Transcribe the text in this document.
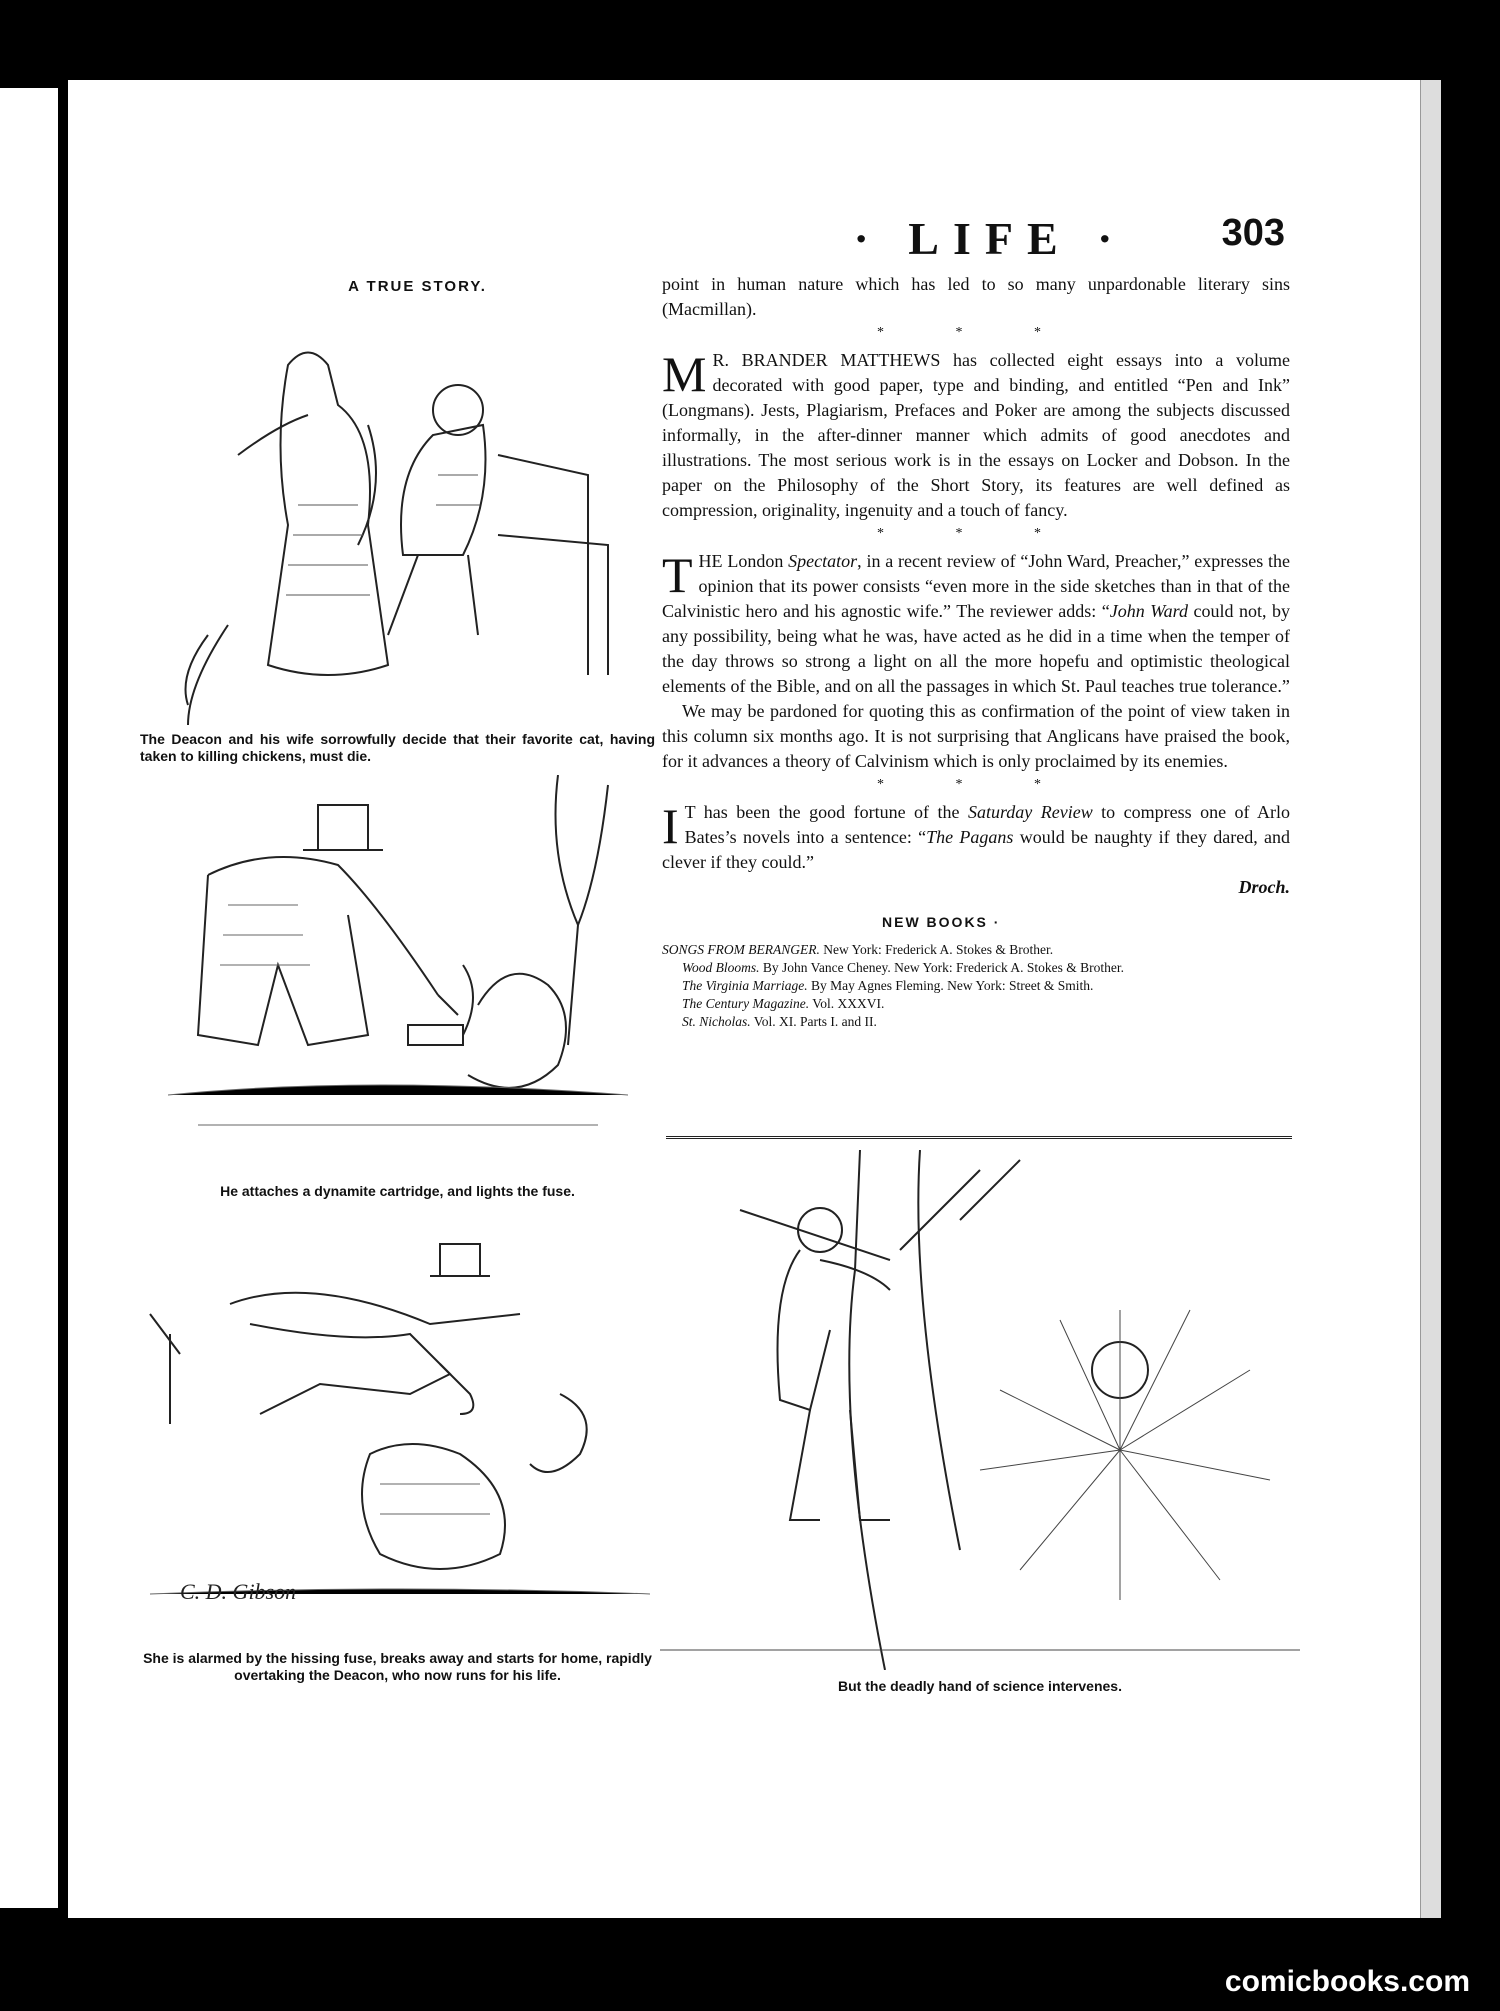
· LIFE ·	303
A TRUE STORY.
The Deacon and his wife sorrowfully decide that their favorite cat, having taken to killing chickens, must die.
He attaches a dynamite cartridge, and lights the fuse.
C. D. Gibson
She is alarmed by the hissing fuse, breaks away and starts for home, rapidly overtaking the Deacon, who now runs for his life.

point in human nature which has led to so many unpardonable literary sins (Macmillan).

* * *

M R. BRANDER MATTHEWS has collected eight essays into a volume decorated with good paper, type and binding, and entitled “Pen and Ink” (Longmans). Jests, Plagiarism, Prefaces and Poker are among the subjects discussed informally, in the after-dinner manner which admits of good anecdotes and illustrations. The most serious work is in the essays on Locker and Dobson. In the paper on the Philosophy of the Short Story, its features are well defined as compression, originality, ingenuity and a touch of fancy.

* * *

THE London Spectator, in a recent review of “John Ward, Preacher,” expresses the opinion that its power consists “even more in the side sketches than in that of the Calvinistic hero and his agnostic wife.” The reviewer adds: “John Ward could not, by any possibility, being what he was, have acted as he did in a time when the temper of the day throws so strong a light on all the more hopefu and optimistic theological elements of the Bible, and on all the passages in which St. Paul teaches true tolerance.”

We may be pardoned for quoting this as confirmation of the point of view taken in this column six months ago. It is not surprising that Anglicans have praised the book, for it advances a theory of Calvinism which is only proclaimed by its enemies.

* * *

I T has been the good fortune of the Saturday Review to compress one of Arlo Bates’s novels into a sentence: “The Pagans would be naughty if they dared, and clever if they could.”

Droch.

NEW BOOKS ·
SONGS FROM BERANGER. New York: Frederick A. Stokes & Brother.
Wood Blooms. By John Vance Cheney. New York: Frederick A. Stokes & Brother.
The Virginia Marriage. By May Agnes Fleming. New York: Street & Smith.
The Century Magazine. Vol. XXXVI.
St. Nicholas. Vol. XI. Parts I. and II.
But the deadly hand of science intervenes.
comicbooks.com
